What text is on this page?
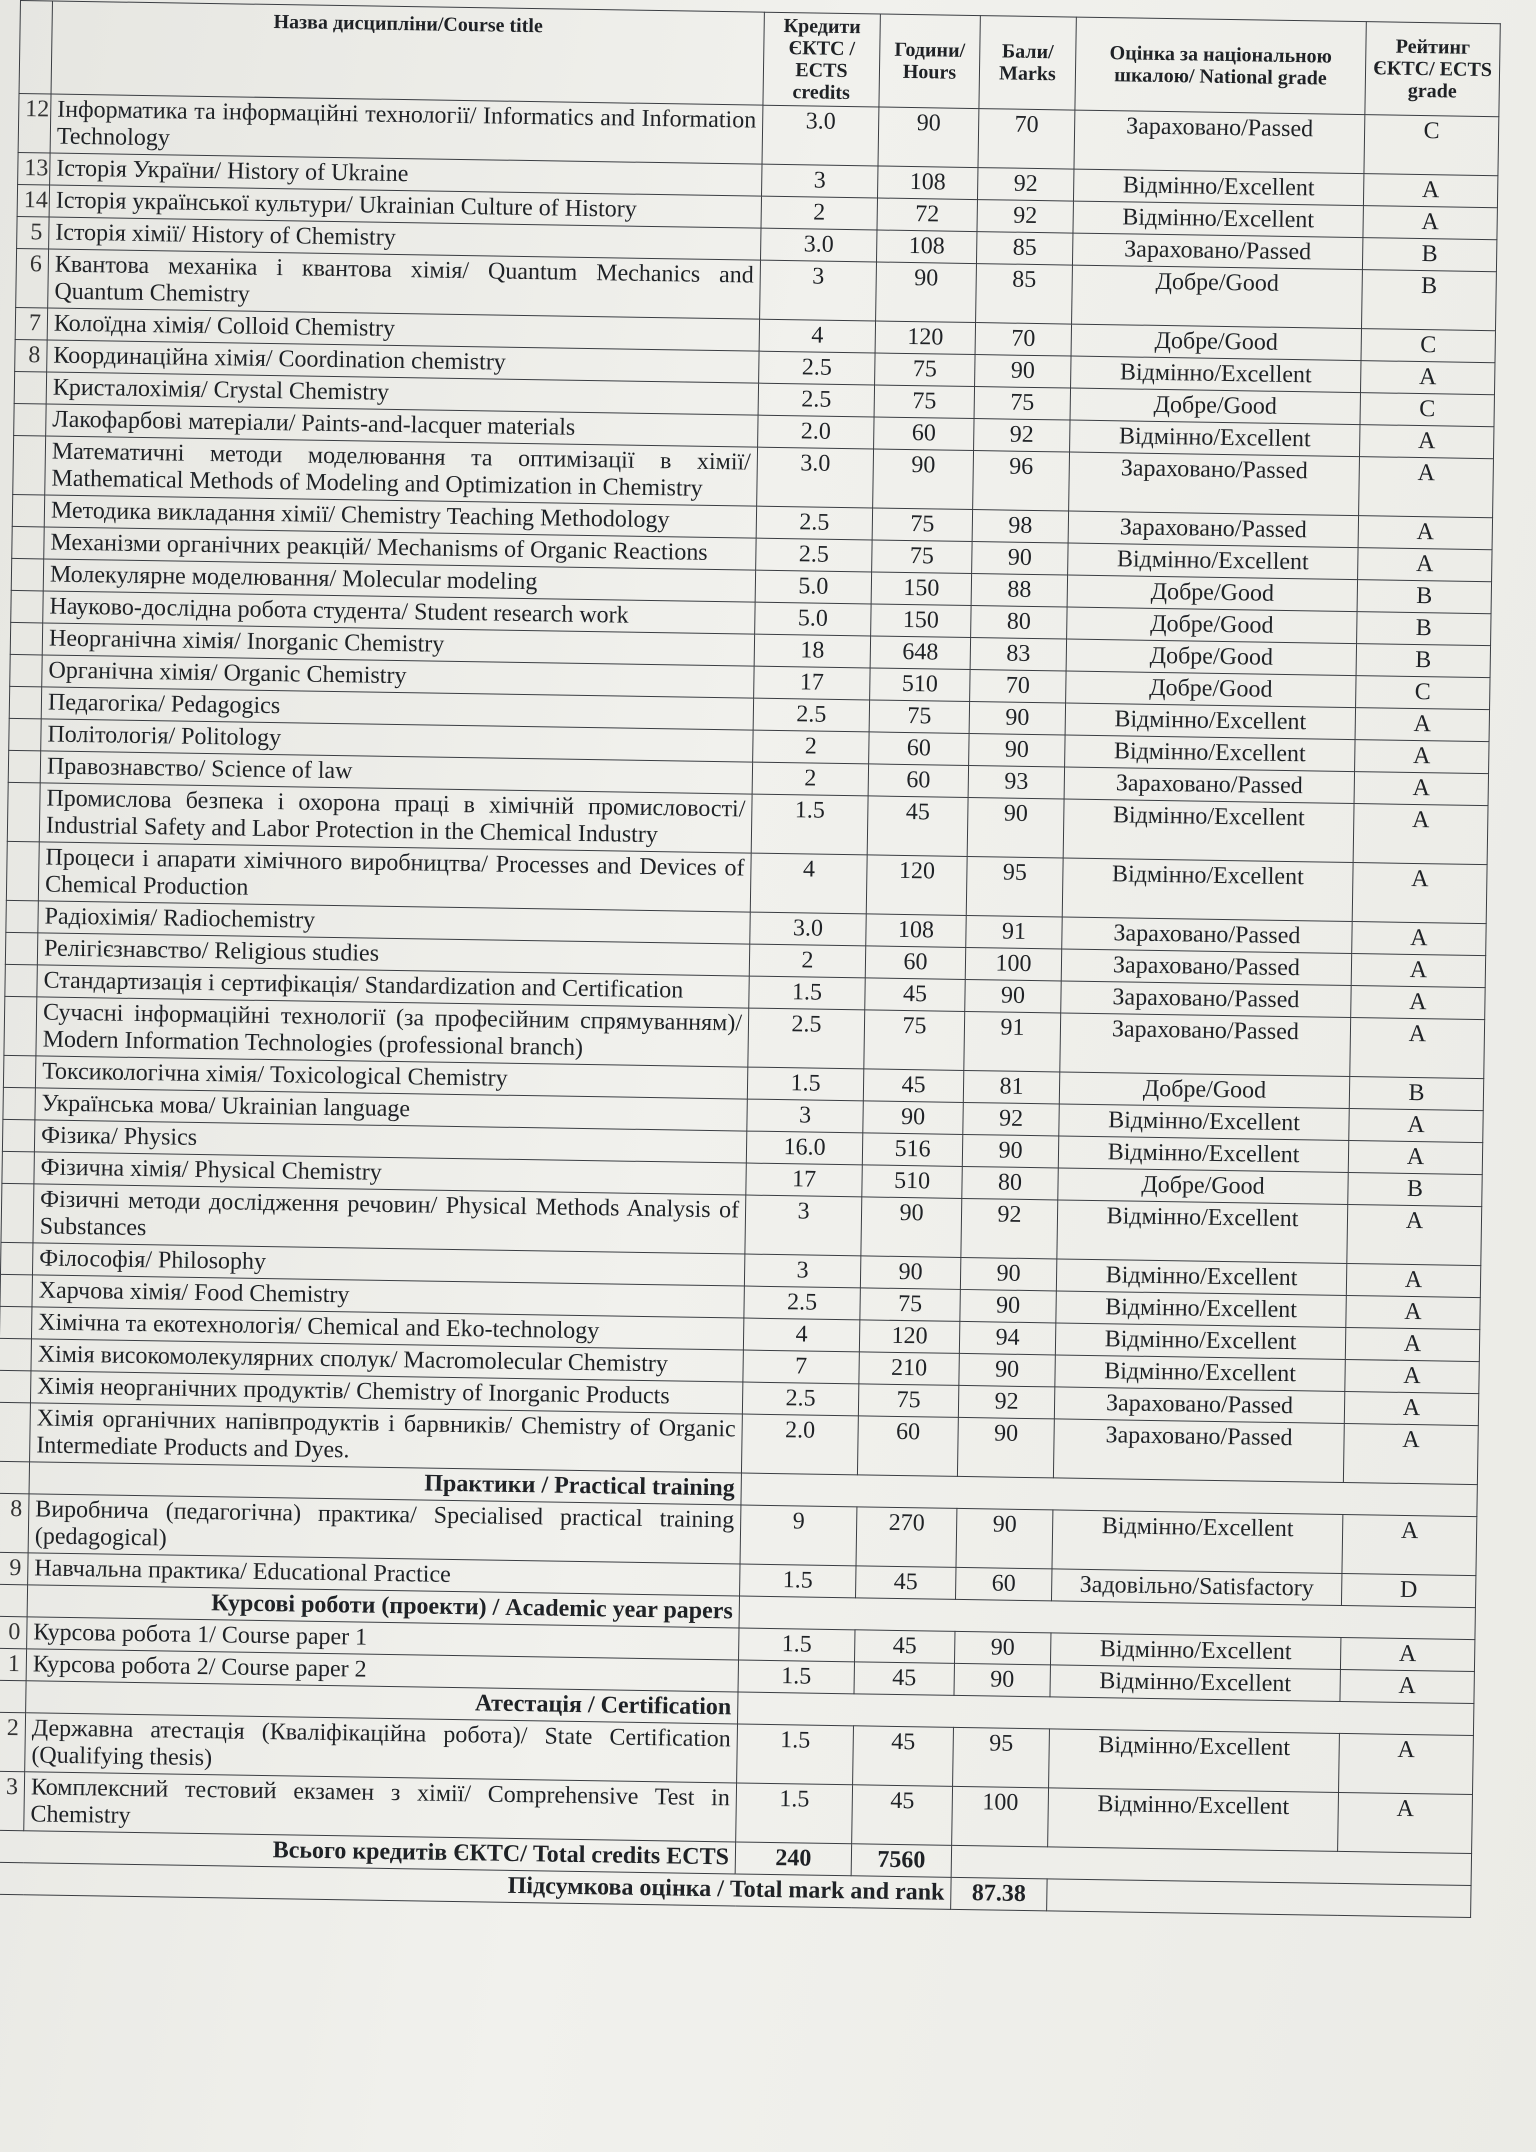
	Назва дисципліни/Course title	Кредити ЄКТС / ECTS credits	Години/ Hours	Бали/ Marks	Оцінка за національною шкалою/ National grade	Рейтинг ЄКТС/ ECTS grade
12	Інформатика та інформаційні технології/ Informatics and Information Technology	3.0	90	70	Зараховано/Passed	C
13	Історія України/ History of Ukraine	3	108	92	Відмінно/Excellent	A
14	Історія української культури/ Ukrainian Culture of History	2	72	92	Відмінно/Excellent	A
5	Історія хімії/ History of Chemistry	3.0	108	85	Зараховано/Passed	B
6	Квантова механіка і квантова хімія/ Quantum Mechanics and Quantum Chemistry	3	90	85	Добре/Good	B
7	Колоїдна хімія/ Colloid Chemistry	4	120	70	Добре/Good	C
8	Координаційна хімія/ Coordination chemistry	2.5	75	90	Відмінно/Excellent	A
	Кристалохімія/ Crystal Chemistry	2.5	75	75	Добре/Good	C
	Лакофарбові матеріали/ Paints-and-lacquer materials	2.0	60	92	Відмінно/Excellent	A
	Математичні методи моделювання та оптимізації в хімії/ Mathematical Methods of Modeling and Optimization in Chemistry	3.0	90	96	Зараховано/Passed	A
	Методика викладання хімії/ Chemistry Teaching Methodology	2.5	75	98	Зараховано/Passed	A
	Механізми органічних реакцій/ Mechanisms of Organic Reactions	2.5	75	90	Відмінно/Excellent	A
	Молекулярне моделювання/ Molecular modeling	5.0	150	88	Добре/Good	B
	Науково-дослідна робота студента/ Student research work	5.0	150	80	Добре/Good	B
	Неорганічна хімія/ Inorganic Chemistry	18	648	83	Добре/Good	B
	Органічна хімія/ Organic Chemistry	17	510	70	Добре/Good	C
	Педагогіка/ Pedagogics	2.5	75	90	Відмінно/Excellent	A
	Політологія/ Politology	2	60	90	Відмінно/Excellent	A
	Правознавство/ Science of law	2	60	93	Зараховано/Passed	A
	Промислова безпека і охорона праці в хімічній промисловості/ Industrial Safety and Labor Protection in the Chemical Industry	1.5	45	90	Відмінно/Excellent	A
	Процеси і апарати хімічного виробництва/ Processes and Devices of Chemical Production	4	120	95	Відмінно/Excellent	A
	Радіохімія/ Radiochemistry	3.0	108	91	Зараховано/Passed	A
	Релігієзнавство/ Religious studies	2	60	100	Зараховано/Passed	A
	Стандартизація і сертифікація/ Standardization and Certification	1.5	45	90	Зараховано/Passed	A
	Сучасні інформаційні технології (за професійним спрямуванням)/ Modern Information Technologies (professional branch)	2.5	75	91	Зараховано/Passed	A
	Токсикологічна хімія/ Toxicological Chemistry	1.5	45	81	Добре/Good	B
	Українська мова/ Ukrainian language	3	90	92	Відмінно/Excellent	A
	Фізика/ Physics	16.0	516	90	Відмінно/Excellent	A
	Фізична хімія/ Physical Chemistry	17	510	80	Добре/Good	B
	Фізичні методи дослідження речовин/ Physical Methods Analysis of Substances	3	90	92	Відмінно/Excellent	A
	Філософія/ Philosophy	3	90	90	Відмінно/Excellent	A
	Харчова хімія/ Food Chemistry	2.5	75	90	Відмінно/Excellent	A
	Хімічна та екотехнологія/ Chemical and Eko-technology	4	120	94	Відмінно/Excellent	A
	Хімія високомолекулярних сполук/ Macromolecular Chemistry	7	210	90	Відмінно/Excellent	A
	Хімія неорганічних продуктів/ Chemistry of Inorganic Products	2.5	75	92	Зараховано/Passed	A
	Хімія органічних напівпродуктів і барвників/ Chemistry of Organic Intermediate Products and Dyes.	2.0	60	90	Зараховано/Passed	A
	Практики / Practical training					
8	Виробнича (педагогічна) практика/ Specialised practical training (pedagogical)	9	270	90	Відмінно/Excellent	A
9	Навчальна практика/ Educational Practice	1.5	45	60	Задовільно/Satisfactory	D
	Курсові роботи (проекти) / Academic year papers					
0	Курсова робота 1/ Course paper 1	1.5	45	90	Відмінно/Excellent	A
1	Курсова робота 2/ Course paper 2	1.5	45	90	Відмінно/Excellent	A
	Атестація / Certification					
2	Державна атестація (Кваліфікаційна робота)/ State Certification (Qualifying thesis)	1.5	45	95	Відмінно/Excellent	A
3	Комплексний тестовий екзамен з хімії/ Comprehensive Test in Chemistry	1.5	45	100	Відмінно/Excellent	A
Всього кредитів ЄКТС/ Total credits ECTS		240	7560			
Підсумкова оцінка / Total mark and rank				87.38		
